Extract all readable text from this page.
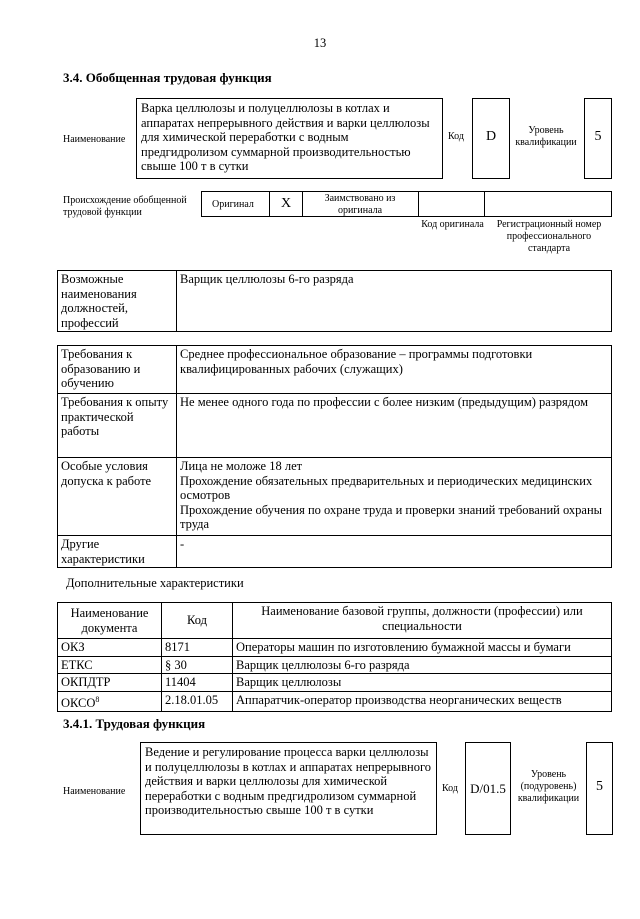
13
3.4. Обобщенная трудовая функция
Наименование
Варка целлюлозы и полуцеллюлозы в котлах и аппаратах непрерывного действия и варки целлюлозы для химической переработки с водным предгидролизом суммарной производительностью свыше 100 т в сутки
Код	D	Уровень квалификации	5
Происхождение обобщенной трудовой функции
Оригинал	X	Заимствовано из оригинала
Код оригинала	Регистрационный номер профессионального стандарта
Возможные наименования должностей, профессий	Варщик целлюлозы 6-го разряда
Требования к образованию и обучению	Среднее профессиональное образование – программы подготовки квалифицированных рабочих (служащих)

Требования к опыту практической работы	Не менее одного года по профессии с более низким (предыдущим) разрядом

Особые условия допуска к работе	Лица не моложе 18 лет
Прохождение обязательных предварительных и периодических медицинских осмотров
Прохождение обучения по охране труда и проверки знаний требований охраны труда

Другие характеристики	-
Дополнительные характеристики
Наименование документа	Код	Наименование базовой группы, должности (профессии) или специальности
ОКЗ	8171	Операторы машин по изготовлению бумажной массы и бумаги
ЕТКС	§ 30	Варщик целлюлозы 6-го разряда
ОКПДТР	11404	Варщик целлюлозы
ОКСО$^8$	2.18.01.05	Аппаратчик-оператор производства неорганических веществ
3.4.1. Трудовая функция
Наименование
Ведение и регулирование процесса варки целлюлозы и полуцеллюлозы в котлах и аппаратах непрерывного действия и варки целлюлозы для химической переработки с водным предгидролизом суммарной производительностью свыше 100 т в сутки
Код D/01.5
Уровень (подуровень) квалификации
5
